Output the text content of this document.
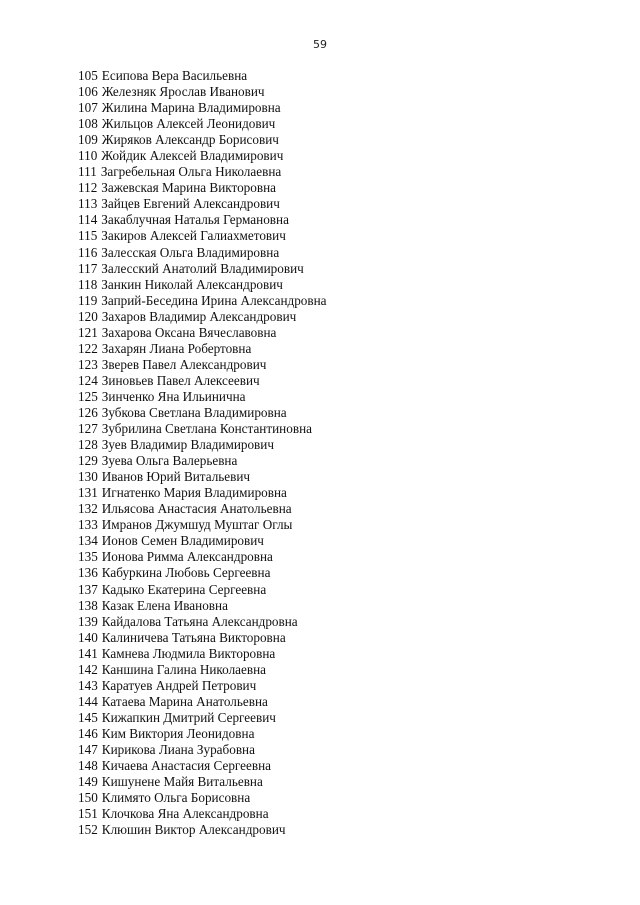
59
105 Есипова Вера Васильевна
106 Железняк Ярослав Иванович
107 Жилина Марина Владимировна
108 Жильцов Алексей Леонидович
109 Жиряков Александр Борисович
110 Жойдик Алексей Владимирович
111 Загребельная Ольга Николаевна
112 Зажевская Марина Викторовна
113 Зайцев Евгений Александрович
114 Закаблучная Наталья Германовна
115 Закиров Алексей Галиахметович
116 Залесская Ольга Владимировна
117 Залесский Анатолий Владимирович
118 Занкин Николай Александрович
119 Заприй-Беседина Ирина Александровна
120 Захаров Владимир Александрович
121 Захарова Оксана Вячеславовна
122 Захарян Лиана Робертовна
123 Зверев Павел Александрович
124 Зиновьев Павел Алексеевич
125 Зинченко Яна Ильинична
126 Зубкова Светлана Владимировна
127 Зубрилина Светлана Константиновна
128 Зуев Владимир Владимирович
129 Зуева Ольга Валерьевна
130 Иванов Юрий Витальевич
131 Игнатенко Мария Владимировна
132 Ильясова Анастасия Анатольевна
133 Имранов Джумшуд Муштаг Оглы
134 Ионов Семен Владимирович
135 Ионова Римма Александровна
136 Кабуркина Любовь Сергеевна
137 Кадыко Екатерина Сергеевна
138 Казак Елена Ивановна
139 Кайдалова Татьяна Александровна
140 Калиничева Татьяна Викторовна
141 Камнева Людмила Викторовна
142 Каншина Галина Николаевна
143 Каратуев Андрей Петрович
144 Катаева Марина Анатольевна
145 Кижапкин Дмитрий Сергеевич
146 Ким Виктория Леонидовна
147 Кирикова Лиана Зурабовна
148 Кичаева Анастасия Сергеевна
149 Кишунене Майя Витальевна
150 Климято Ольга Борисовна
151 Клочкова Яна Александровна
152 Клюшин Виктор Александрович
